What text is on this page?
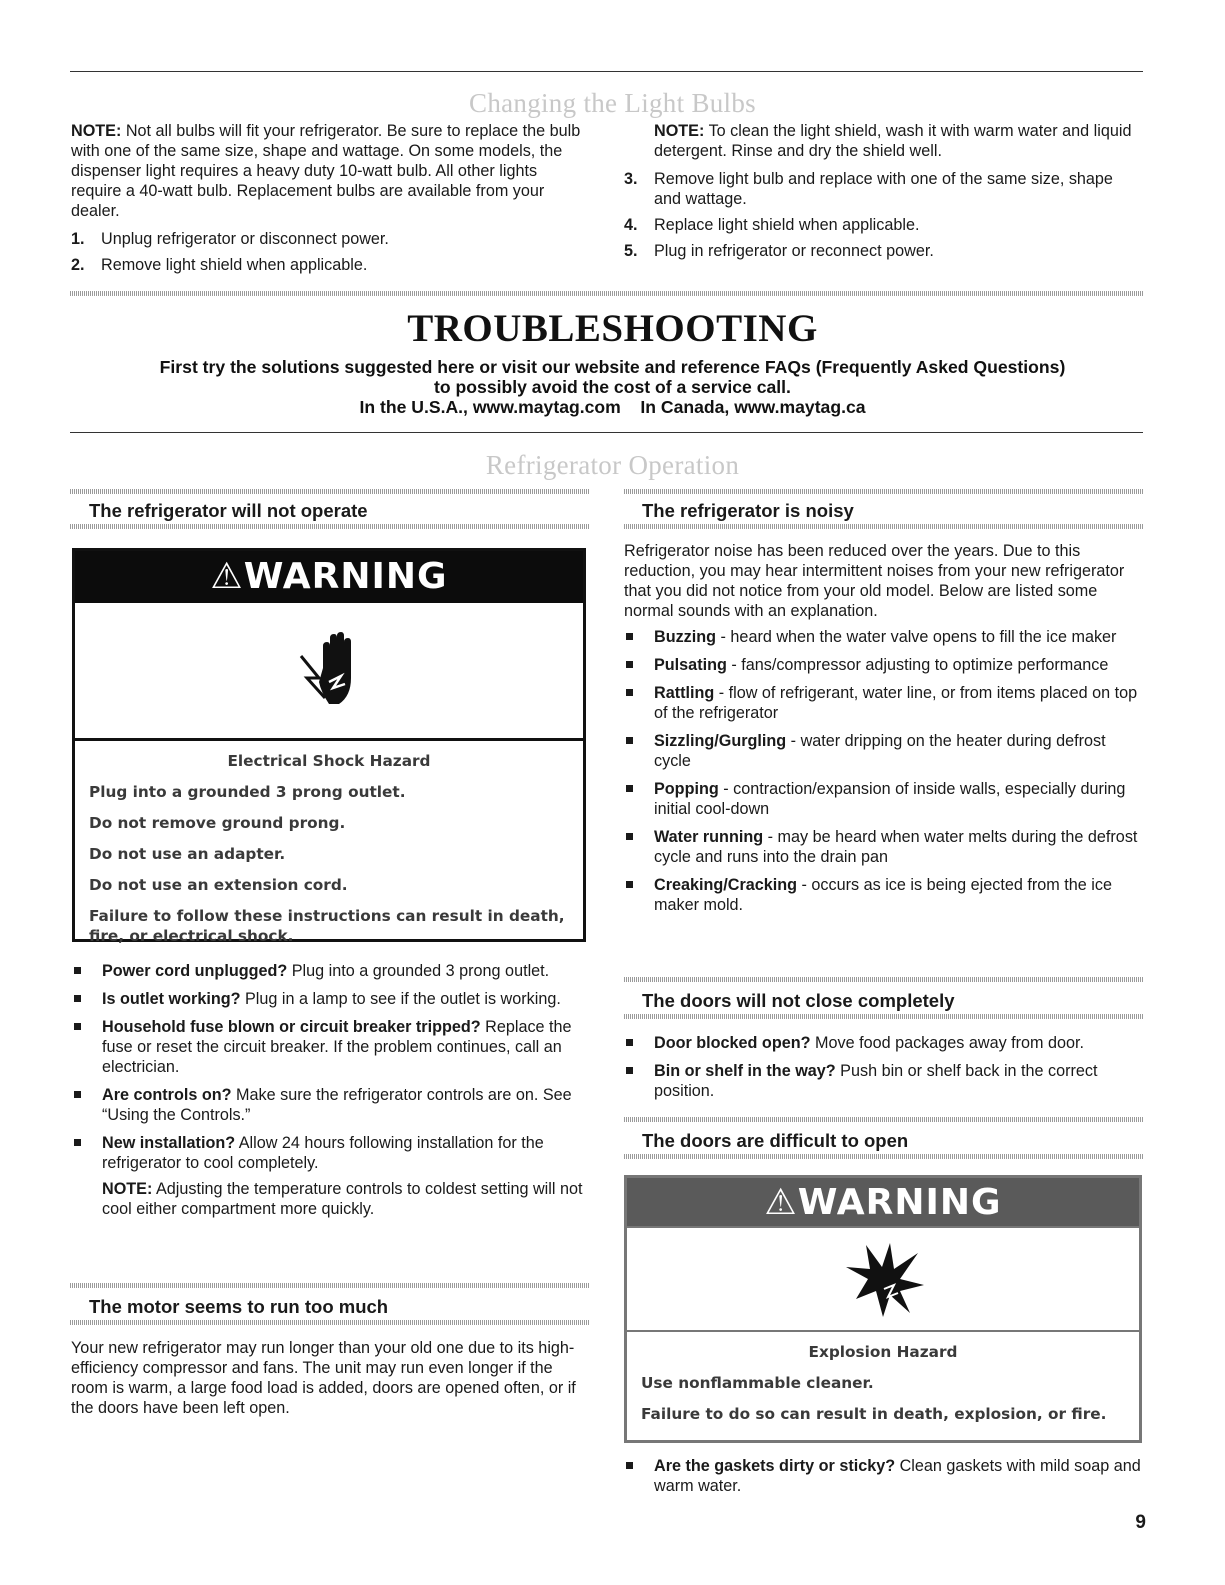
Changing the Light Bulbs

NOTE: Not all bulbs will fit your refrigerator. Be sure to replace the bulb with one of the same size, shape and wattage. On some models, the dispenser light requires a heavy duty 10-watt bulb. All other lights require a 40-watt bulb. Replacement bulbs are available from your dealer.

1.	Unplug refrigerator or disconnect power.
2.	Remove light shield when applicable.

NOTE: To clean the light shield, wash it with warm water and liquid detergent. Rinse and dry the shield well.

3.	Remove light bulb and replace with one of the same size, shape and wattage.
4.	Replace light shield when applicable.
5.	Plug in refrigerator or reconnect power.
TROUBLESHOOTING
First try the solutions suggested here or visit our website and reference FAQs (Frequently Asked Questions)
to possibly avoid the cost of a service call.
In the U.S.A., www.maytag.com    In Canada, www.maytag.ca
Refrigerator Operation
The refrigerator will not operate
⚠WARNING
Electrical Shock Hazard
Plug into a grounded 3 prong outlet.
Do not remove ground prong.
Do not use an adapter.
Do not use an extension cord.
Failure to follow these instructions can result in death, fire, or electrical shock.
Power cord unplugged? Plug into a grounded 3 prong outlet.
Is outlet working? Plug in a lamp to see if the outlet is working.
Household fuse blown or circuit breaker tripped? Replace the fuse or reset the circuit breaker. If the problem continues, call an electrician.
Are controls on? Make sure the refrigerator controls are on. See “Using the Controls.”
New installation? Allow 24 hours following installation for the refrigerator to cool completely.

NOTE: Adjusting the temperature controls to coldest setting will not cool either compartment more quickly.

The motor seems to run too much

Your new refrigerator may run longer than your old one due to its high-efficiency compressor and fans. The unit may run even longer if the room is warm, a large food load is added, doors are opened often, or if the doors have been left open.

The refrigerator is noisy

Refrigerator noise has been reduced over the years. Due to this reduction, you may hear intermittent noises from your new refrigerator that you did not notice from your old model. Below are listed some normal sounds with an explanation.

Buzzing - heard when the water valve opens to fill the ice maker
Pulsating - fans/compressor adjusting to optimize performance
Rattling - flow of refrigerant, water line, or from items placed on top of the refrigerator
Sizzling/Gurgling - water dripping on the heater during defrost cycle
Popping - contraction/expansion of inside walls, especially during initial cool-down
Water running - may be heard when water melts during the defrost cycle and runs into the drain pan
Creaking/Cracking - occurs as ice is being ejected from the ice maker mold.
The doors will not close completely
Door blocked open? Move food packages away from door.
Bin or shelf in the way? Push bin or shelf back in the correct position.
The doors are difficult to open
⚠WARNING
Explosion Hazard
Use nonflammable cleaner.
Failure to do so can result in death, explosion, or fire.
Are the gaskets dirty or sticky? Clean gaskets with mild soap and warm water.
9
